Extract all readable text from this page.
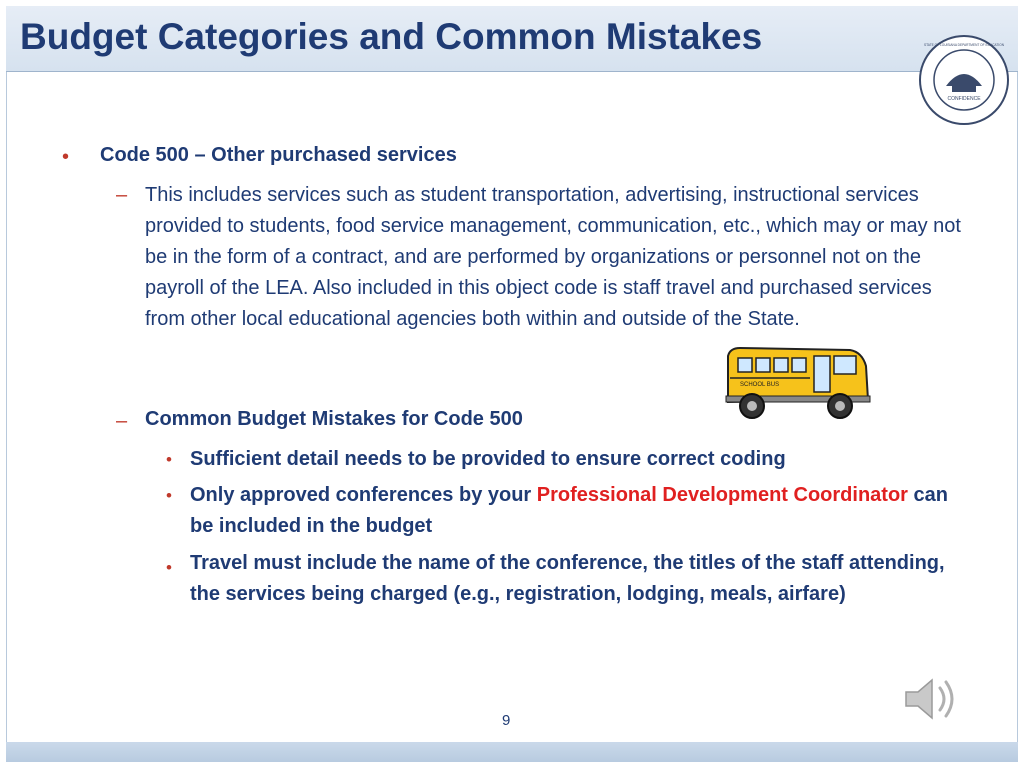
Budget Categories and Common Mistakes
CONFIDENCE
STATE OF LOUISIANA DEPARTMENT OF EDUCATION
• Code 500 – Other purchased services
– This includes services such as student transportation, advertising, instructional services provided to students, food service management, communication, etc., which may or may not be in the form of a contract, and are performed by organizations or personnel not on the payroll of the LEA. Also included in this object code is staff travel and purchased services from other local educational agencies both within and outside of the State.
– Common Budget Mistakes for Code 500
• Sufficient detail needs to be provided to ensure correct coding
• Only approved conferences by your Professional Development Coordinator can be included in the budget
• Travel must include the name of the conference, the titles of the staff attending, the services being charged (e.g., registration, lodging, meals, airfare)
SCHOOL BUS
9
